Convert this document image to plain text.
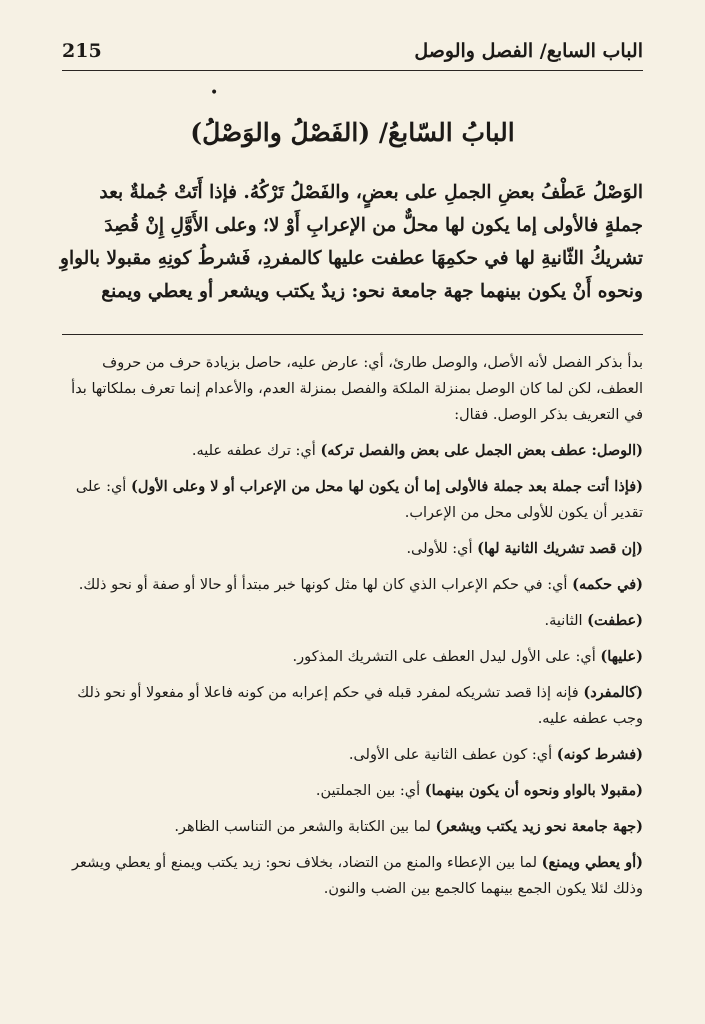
الباب السابع/ الفصل والوصل
215
•
البابُ السّابعُ/ (الفَصْلُ والوَصْلُ)
الوَصْلُ عَطْفُ بعضِ الجملِ على بعضٍ، والفَصْلُ تَرْكُهُ. فإذا أَتَتْ جُملةٌ بعد
جملةٍ فالأولى إما يكون لها محلٌّ من الإعرابِ أَوْ لا؛ وعلى الأَوَّلِ إِنْ قُصِدَ
تشريكُ الثّانيةِ لها في حكمِهَا عطفت عليها كالمفردِ، فَشرطُ كونِهِ مقبولا بالواوِ
ونحوه أَنْ يكون بينهما جهة جامعة نحو: زيدٌ يكتب ويشعر أو يعطي ويمنع

بدأ بذكر الفصل لأنه الأصل، والوصل طارئ، أي: عارض عليه، حاصل بزيادة حرف من حروف العطف، لكن لما كان الوصل بمنزلة الملكة والفصل بمنزلة العدم، والأعدام إنما تعرف بملكاتها بدأ في التعريف بذكر الوصل. فقال:

(الوصل: عطف بعض الجمل على بعض والفصل تركه) أي: ترك عطفه عليه.

(فإذا أتت جملة بعد جملة فالأولى إما أن يكون لها محل من الإعراب أو لا وعلى الأول) أي: على تقدير أن يكون للأولى محل من الإعراب.

(إن قصد تشريك الثانية لها) أي: للأولى.

(في حكمه) أي: في حكم الإعراب الذي كان لها مثل كونها خبر مبتدأ أو حالا أو صفة أو نحو ذلك.

(عطفت) الثانية.

(عليها) أي: على الأول ليدل العطف على التشريك المذكور.

(كالمفرد) فإنه إذا قصد تشريكه لمفرد قبله في حكم إعرابه من كونه فاعلا أو مفعولا أو نحو ذلك وجب عطفه عليه.

(فشرط كونه) أي: كون عطف الثانية على الأولى.

(مقبولا بالواو ونحوه أن يكون بينهما) أي: بين الجملتين.

(جهة جامعة نحو زيد يكتب ويشعر) لما بين الكتابة والشعر من التناسب الظاهر.

(أو يعطي ويمنع) لما بين الإعطاء والمنع من التضاد، بخلاف نحو: زيد يكتب ويمنع أو يعطي ويشعر وذلك لئلا يكون الجمع بينهما كالجمع بين الضب والنون.
